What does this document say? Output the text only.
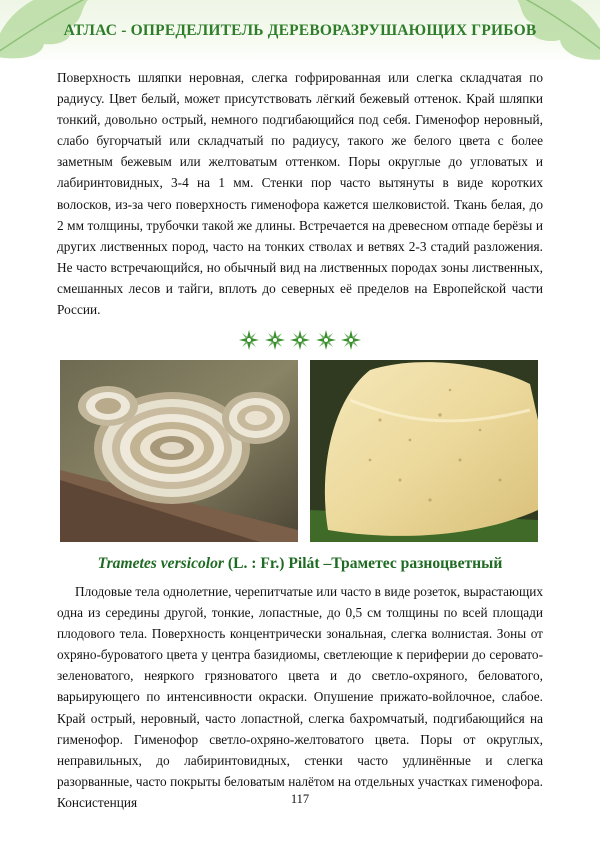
АТЛАС - ОПРЕДЕЛИТЕЛЬ ДЕРЕВОРАЗРУШАЮЩИХ ГРИБОВ
Поверхность шляпки неровная, слегка гофрированная или слегка складчатая по радиусу. Цвет белый, может присутствовать лёгкий бежевый оттенок. Край шляпки тонкий, довольно острый, немного подгибающийся под себя. Гименофор неровный, слабо бугорчатый или складчатый по радиусу, такого же белого цвета с более заметным бежевым или желтоватым оттенком. Поры округлые до угловатых и лабиринтовидных, 3-4 на 1 мм. Стенки пор часто вытянуты в виде коротких волосков, из-за чего поверхность гименофора кажется шелковистой. Ткань белая, до 2 мм толщины, трубочки такой же длины. Встречается на древесном отпаде берёзы и других лиственных пород, часто на тонких стволах и ветвях 2-3 стадий разложения. Не часто встречающийся, но обычный вид на лиственных породах зоны лиственных, смешанных лесов и тайги, вплоть до северных её пределов на Европейской части России.
Trametes versicolor (L. : Fr.) Pilát –Траметес разноцветный
Плодовые тела однолетние, черепитчатые или часто в виде розеток, вырастающих одна из середины другой, тонкие, лопастные, до 0,5 см толщины по всей площади плодового тела. Поверхность концентрически зональная, слегка волнистая. Зоны от охряно-буроватого цвета у центра базидиомы, светлеющие к периферии до серовато-зеленоватого, неяркого грязноватого цвета и до светло-охряного, беловатого, варьирующего по интенсивности окраски. Опушение прижато-войлочное, слабое. Край острый, неровный, часто лопастной, слегка бахромчатый, подгибающийся на гименофор. Гименофор светло-охряно-желтоватого цвета. Поры от округлых, неправильных, до лабиринтовидных, стенки часто удлинённые и слегка разорванные, часто покрыты беловатым налётом на отдельных участках гименофора. Консистенция	117
